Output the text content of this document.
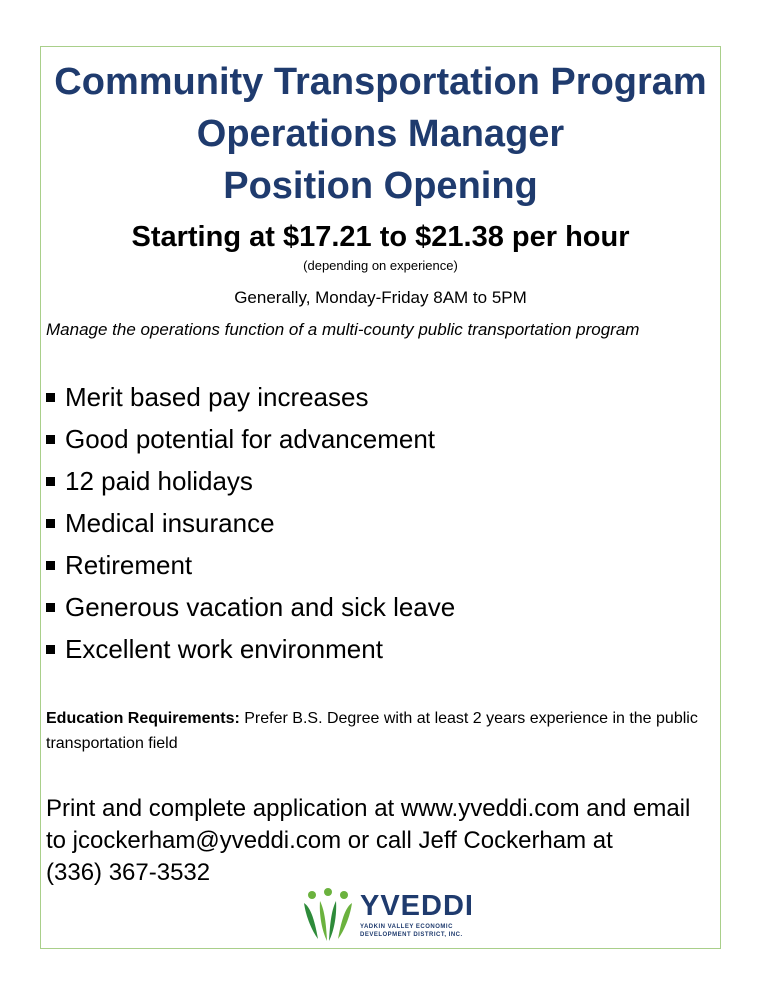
Community Transportation Program
Operations Manager
Position Opening
Starting at $17.21 to $21.38 per hour
(depending on experience)
Generally, Monday-Friday 8AM to 5PM
Manage the operations function of a multi-county public transportation program
Merit based pay increases
Good potential for advancement
12 paid holidays
Medical insurance
Retirement
Generous vacation and sick leave
Excellent work environment
Education Requirements: Prefer B.S. Degree with at least 2 years experience in the public transportation field
Print and complete application at www.yveddi.com and email
to jcockerham@yveddi.com or call Jeff Cockerham at
(336) 367-3532
YVEDDI
YADKIN VALLEY ECONOMIC
DEVELOPMENT DISTRICT, INC.
